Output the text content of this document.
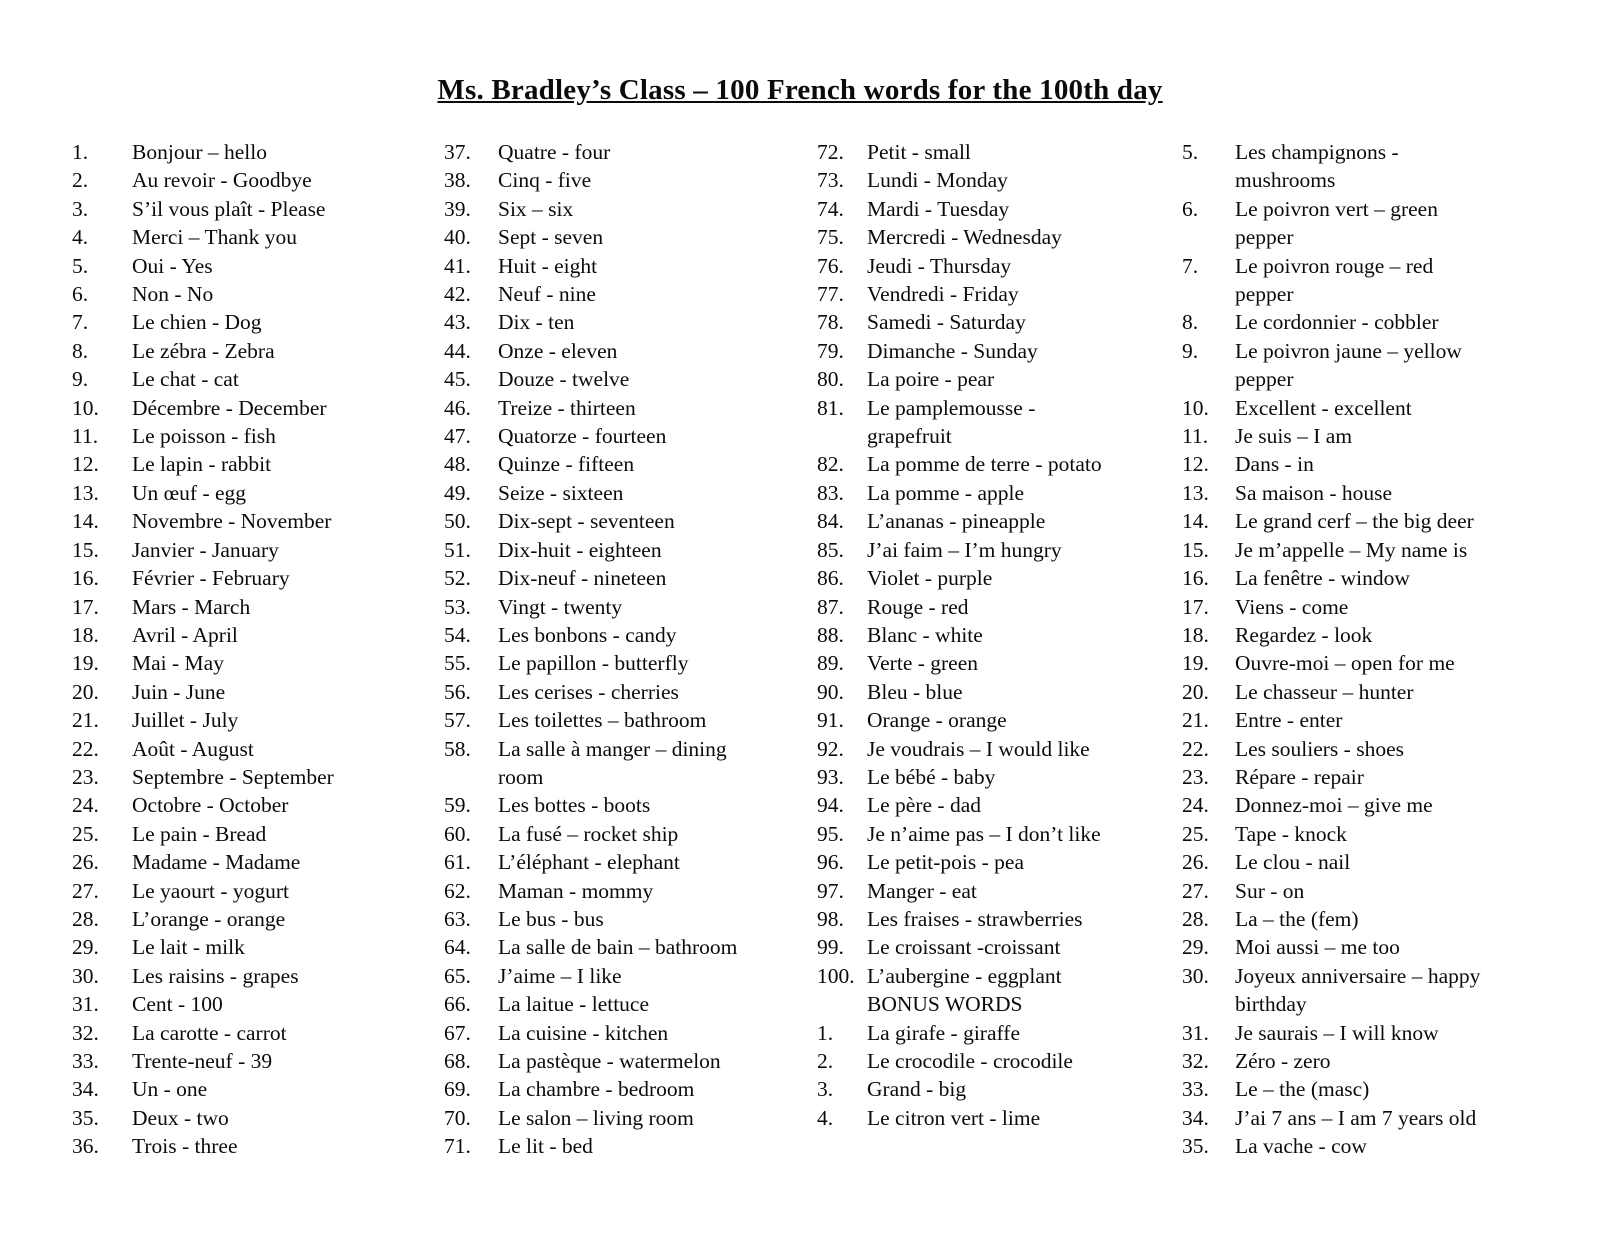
Ms. Bradley’s Class – 100 French words for the 100th day
1.	Bonjour – hello
2.	Au revoir - Goodbye
3.	S’il vous plaît - Please
4.	Merci – Thank you
5.	Oui - Yes
6.	Non - No
7.	Le chien - Dog
8.	Le zébra - Zebra
9.	Le chat - cat
10.	Décembre - December
11.	Le poisson - fish
12.	Le lapin - rabbit
13.	Un œuf - egg
14.	Novembre - November
15.	Janvier - January
16.	Février - February
17.	Mars - March
18.	Avril - April
19.	Mai - May
20.	Juin - June
21.	Juillet - July
22.	Août - August
23.	Septembre - September
24.	Octobre - October
25.	Le pain - Bread
26.	Madame - Madame
27.	Le yaourt - yogurt
28.	L’orange - orange
29.	Le lait - milk
30.	Les raisins - grapes
31.	Cent - 100
32.	La carotte - carrot
33.	Trente-neuf - 39
34.	Un - one
35.	Deux - two
36.	Trois - three
37.	Quatre - four
38.	Cinq - five
39.	Six – six
40.	Sept - seven
41.	Huit - eight
42.	Neuf - nine
43.	Dix - ten
44.	Onze - eleven
45.	Douze - twelve
46.	Treize - thirteen
47.	Quatorze - fourteen
48.	Quinze - fifteen
49.	Seize - sixteen
50.	Dix-sept - seventeen
51.	Dix-huit - eighteen
52.	Dix-neuf - nineteen
53.	Vingt - twenty
54.	Les bonbons - candy
55.	Le papillon - butterfly
56.	Les cerises - cherries
57.	Les toilettes – bathroom
58.	La salle à manger – dining
room
59.	Les bottes - boots
60.	La fusé – rocket ship
61.	L’éléphant - elephant
62.	Maman - mommy
63.	Le bus - bus
64.	La salle de bain – bathroom
65.	J’aime – I like
66.	La laitue - lettuce
67.	La cuisine - kitchen
68.	La pastèque - watermelon
69.	La chambre - bedroom
70.	Le salon – living room
71.	Le lit - bed
72.	Petit - small
73.	Lundi - Monday
74.	Mardi - Tuesday
75.	Mercredi - Wednesday
76.	Jeudi - Thursday
77.	Vendredi - Friday
78.	Samedi - Saturday
79.	Dimanche - Sunday
80.	La poire - pear
81.	Le pamplemousse -
grapefruit
82.	La pomme de terre - potato
83.	La pomme - apple
84.	L’ananas - pineapple
85.	J’ai faim – I’m hungry
86.	Violet - purple
87.	Rouge - red
88.	Blanc - white
89.	Verte - green
90.	Bleu - blue
91.	Orange - orange
92.	Je voudrais – I would like
93.	Le bébé - baby
94.	Le père - dad
95.	Je n’aime pas – I don’t like
96.	Le petit-pois - pea
97.	Manger - eat
98.	Les fraises - strawberries
99.	Le croissant -croissant
100. L’aubergine - eggplant
BONUS WORDS
1.	La girafe - giraffe
2.	Le crocodile - crocodile
3.	Grand - big
4.	Le citron vert - lime
5.	Les champignons -
mushrooms
6.	Le poivron vert – green
pepper
7.	Le poivron rouge – red
pepper
8.	Le cordonnier - cobbler
9.	Le poivron jaune – yellow
pepper
10.	Excellent - excellent
11.	Je suis – I am
12.	Dans - in
13.	Sa maison - house
14.	Le grand cerf – the big deer
15.	Je m’appelle – My name is
16.	La fenêtre - window
17.	Viens - come
18.	Regardez - look
19.	Ouvre-moi – open for me
20.	Le chasseur – hunter
21.	Entre - enter
22.	Les souliers - shoes
23.	Répare - repair
24.	Donnez-moi – give me
25.	Tape - knock
26.	Le clou - nail
27.	Sur - on
28.	La – the (fem)
29.	Moi aussi – me too
30.	Joyeux anniversaire – happy
birthday
31.	Je saurais – I will know
32.	Zéro - zero
33.	Le – the (masc)
34.	J’ai 7 ans – I am 7 years old
35.	La vache - cow
